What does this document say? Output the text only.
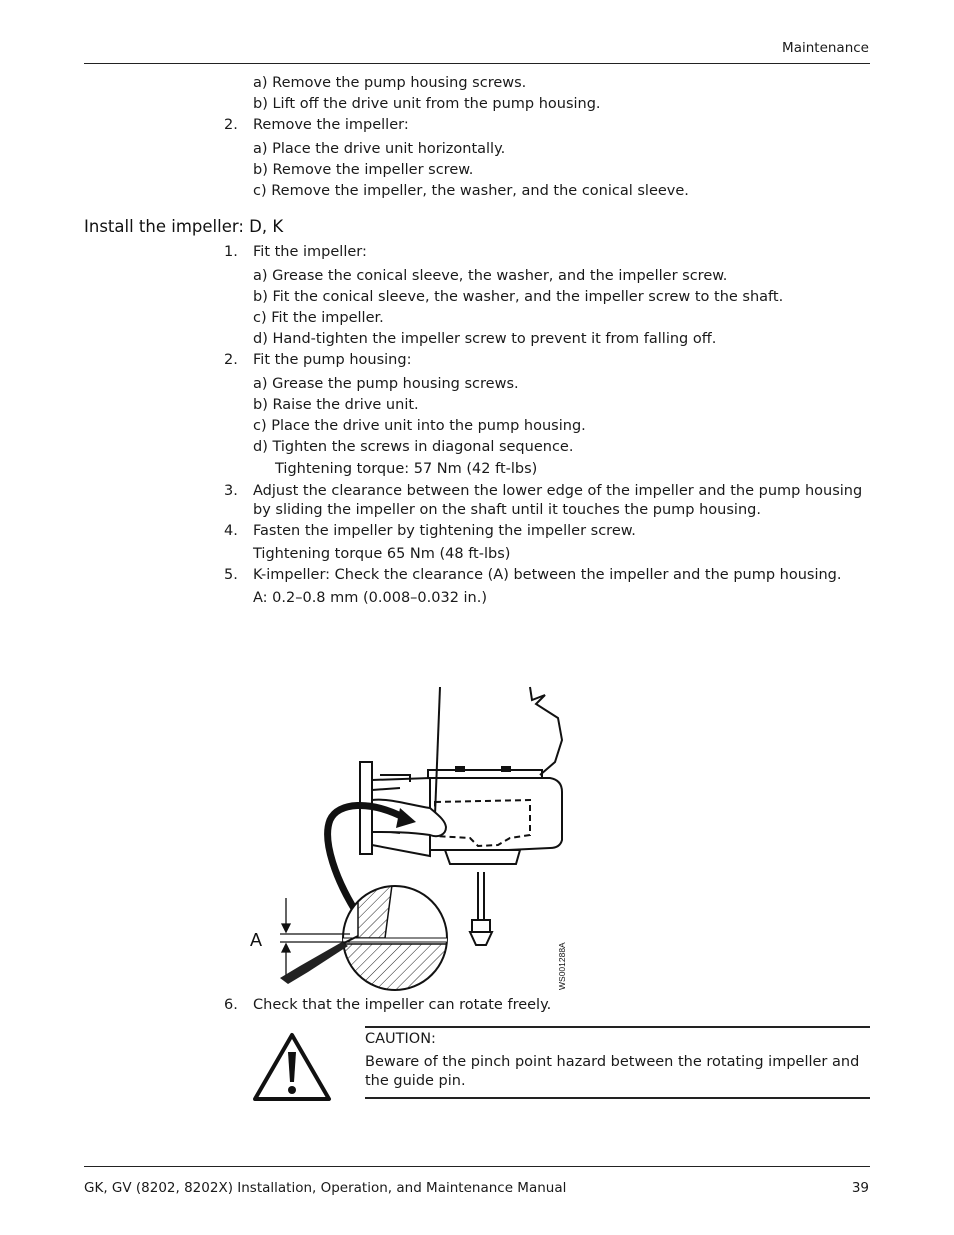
Maintenance
a) Remove the pump housing screws.
b) Lift off the drive unit from the pump housing.
2. Remove the impeller:
a) Place the drive unit horizontally.
b) Remove the impeller screw.
c) Remove the impeller, the washer, and the conical sleeve.
Install the impeller: D, K
1. Fit the impeller:
a) Grease the conical sleeve, the washer, and the impeller screw.
b) Fit the conical sleeve, the washer, and the impeller screw to the shaft.
c) Fit the impeller.
d) Hand-tighten the impeller screw to prevent it from falling off.
2. Fit the pump housing:
a) Grease the pump housing screws.
b) Raise the drive unit.
c) Place the drive unit into the pump housing.
d) Tighten the screws in diagonal sequence.
Tightening torque: 57 Nm (42 ft-lbs)
3. Adjust the clearance between the lower edge of the impeller and the pump housing
by sliding the impeller on the shaft until it touches the pump housing.
4. Fasten the impeller by tightening the impeller screw.
Tightening torque 65 Nm (48 ft-lbs)
5. K-impeller: Check the clearance (A) between the impeller and the pump housing.
A: 0.2–0.8 mm (0.008–0.032 in.)
A
WS001288A
6. Check that the impeller can rotate freely.
CAUTION:
Beware of the pinch point hazard between the rotating impeller and
the guide pin.
GK, GV (8202, 8202X) Installation, Operation, and Maintenance Manual	39
